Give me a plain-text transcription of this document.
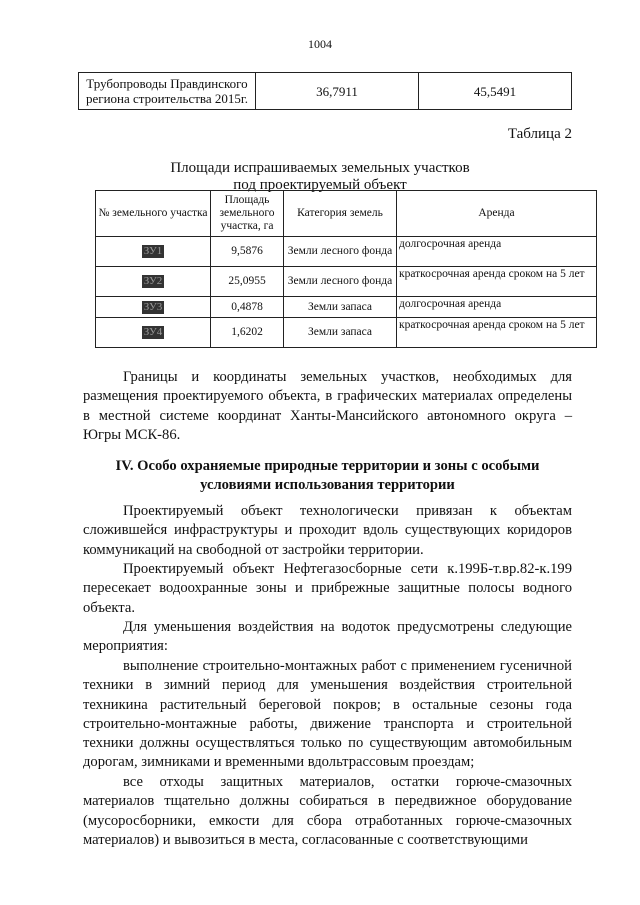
1004
Трубопроводы Правдинского региона строительства 2015г.	36,7911	45,5491
Таблица 2
Площади испрашиваемых земельных участков
под проектируемый объект
№ земельного участка	Площадь земельного участка, га	Категория земель	Аренда
ЗУ1	9,5876	Земли лесного фонда	долгосрочная аренда
ЗУ2	25,0955	Земли лесного фонда	краткосрочная аренда сроком на 5 лет
ЗУ3	0,4878	Земли запаса	долгосрочная аренда
ЗУ4	1,6202	Земли запаса	краткосрочная аренда сроком на 5 лет
Границы и координаты земельных участков, необходимых для размещения проектируемого объекта, в графических материалах определены в местной системе координат Ханты-Мансийского автономного округа – Югры МСК-86.
IV. Особо охраняемые природные территории и зоны с особыми условиями использования территории
Проектируемый объект технологически привязан к объектам сложившейся инфраструктуры и проходит вдоль существующих коридоров коммуникаций на свободной от застройки территории.
Проектируемый объект Нефтегазосборные сети к.199Б-т.вр.82-к.199 пересекает водоохранные зоны и прибрежные защитные полосы водного объекта.
Для уменьшения воздействия на водоток предусмотрены следующие мероприятия:
выполнение строительно-монтажных работ с применением гусеничной техники в зимний период для уменьшения воздействия строительной техникина растительный береговой покров; в остальные сезоны года строительно-монтажные работы, движение транспорта и строительной техники должны осуществляться только по существующим автомобильным дорогам, зимниками и временными вдольтрассовым проездам;
все отходы защитных материалов, остатки горюче-смазочных материалов тщательно должны собираться в передвижное оборудование (мусоросборники, емкости для сбора отработанных горюче-смазочных материалов) и вывозиться в места, согласованные с соответствующими
